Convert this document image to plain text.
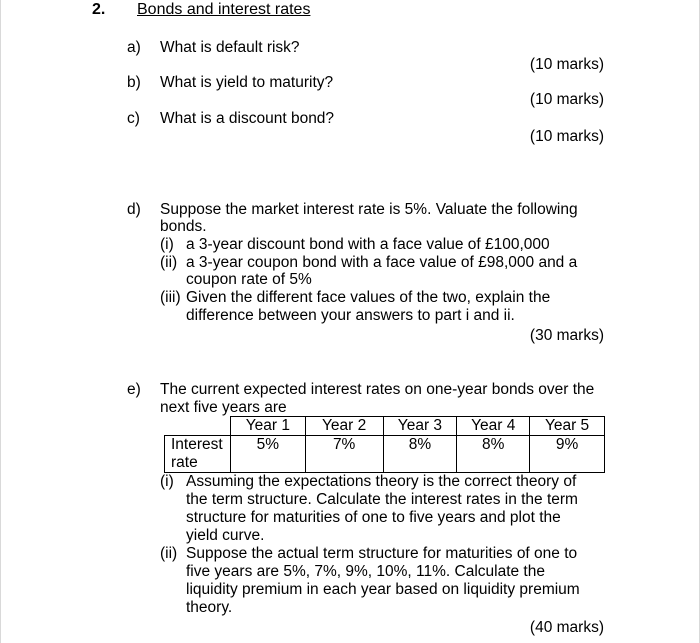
2. Bonds and interest rates
a) What is default risk?
(10 marks)
b) What is yield to maturity?
(10 marks)
c) What is a discount bond?
(10 marks)
d) Suppose the market interest rate is 5%. Valuate the following
bonds.
(i) a 3-year discount bond with a face value of £100,000
(ii) a 3-year coupon bond with a face value of £98,000 and a
coupon rate of 5%
(iii) Given the different face values of the two, explain the
difference between your answers to part i and ii.
(30 marks)
e) The current expected interest rates on one-year bonds over the
next five years are
	Year 1	Year 2	Year 3	Year 4	Year 5

Interest
rate	5%	7%	8%	8%	9%
(i) Assuming the expectations theory is the correct theory of
the term structure. Calculate the interest rates in the term
structure for maturities of one to five years and plot the
yield curve.
(ii) Suppose the actual term structure for maturities of one to
five years are 5%, 7%, 9%, 10%, 11%. Calculate the
liquidity premium in each year based on liquidity premium
theory.
(40 marks)
